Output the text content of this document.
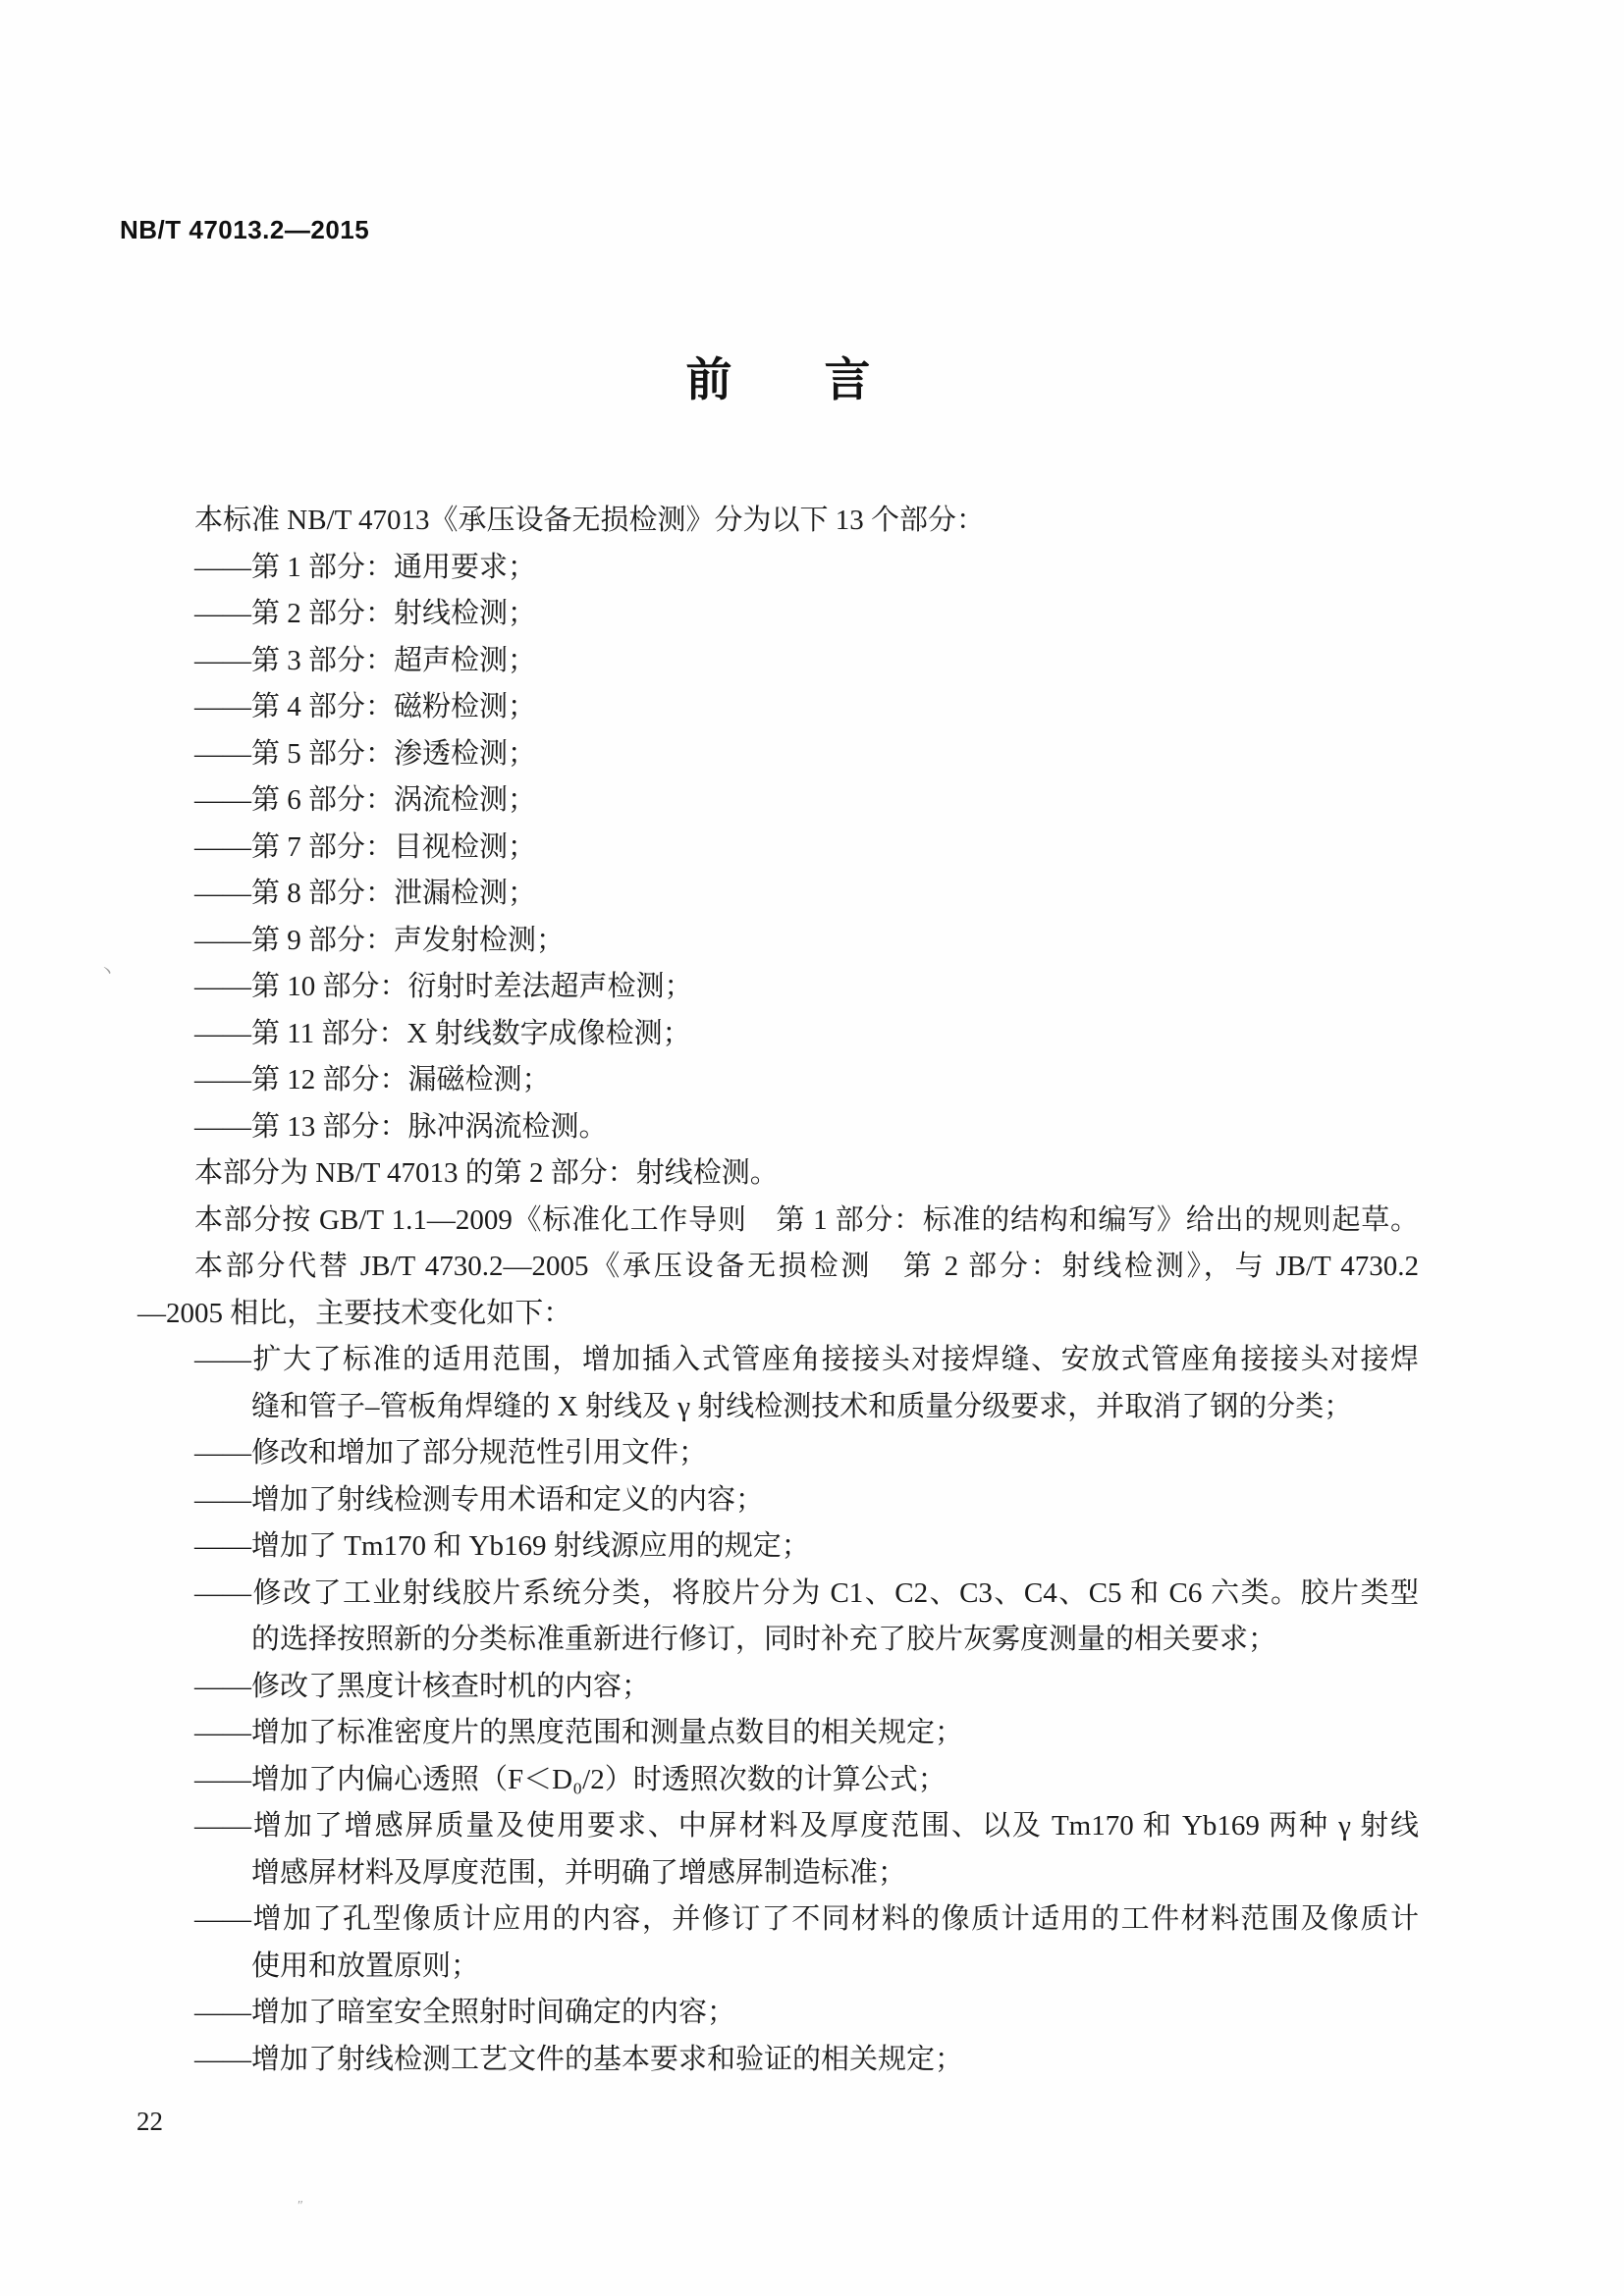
NB/T 47013.2—2015
前　　言
本标准 NB/T 47013《承压设备无损检测》分为以下 13 个部分：
——第 1 部分：通用要求；
——第 2 部分：射线检测；
——第 3 部分：超声检测；
——第 4 部分：磁粉检测；
——第 5 部分：渗透检测；
——第 6 部分：涡流检测；
——第 7 部分：目视检测；
——第 8 部分：泄漏检测；
——第 9 部分：声发射检测；
——第 10 部分：衍射时差法超声检测；
——第 11 部分：X 射线数字成像检测；
——第 12 部分：漏磁检测；
——第 13 部分：脉冲涡流检测。
本部分为 NB/T 47013 的第 2 部分：射线检测。
本部分按 GB/T 1.1—2009《标准化工作导则　第 1 部分：标准的结构和编写》给出的规则起草。
本部分代替 JB/T 4730.2—2005《承压设备无损检测　第 2 部分：射线检测》，与 JB/T 4730.2
—2005 相比，主要技术变化如下：
——扩大了标准的适用范围，增加插入式管座角接接头对接焊缝、安放式管座角接接头对接焊
缝和管子–管板角焊缝的 X 射线及 γ 射线检测技术和质量分级要求，并取消了钢的分类；
——修改和增加了部分规范性引用文件；
——增加了射线检测专用术语和定义的内容；
——增加了 Tm170 和 Yb169 射线源应用的规定；
——修改了工业射线胶片系统分类，将胶片分为 C1、C2、C3、C4、C5 和 C6 六类。胶片类型
的选择按照新的分类标准重新进行修订，同时补充了胶片灰雾度测量的相关要求；
——修改了黑度计核查时机的内容；
——增加了标准密度片的黑度范围和测量点数目的相关规定；
——增加了内偏心透照（F＜D₀/2）时透照次数的计算公式；
——增加了增感屏质量及使用要求、中屏材料及厚度范围、以及 Tm170 和 Yb169 两种 γ 射线
增感屏材料及厚度范围，并明确了增感屏制造标准；
——增加了孔型像质计应用的内容，并修订了不同材料的像质计适用的工件材料范围及像质计
使用和放置原则；
——增加了暗室安全照射时间确定的内容；
——增加了射线检测工艺文件的基本要求和验证的相关规定；
丶
″
22
